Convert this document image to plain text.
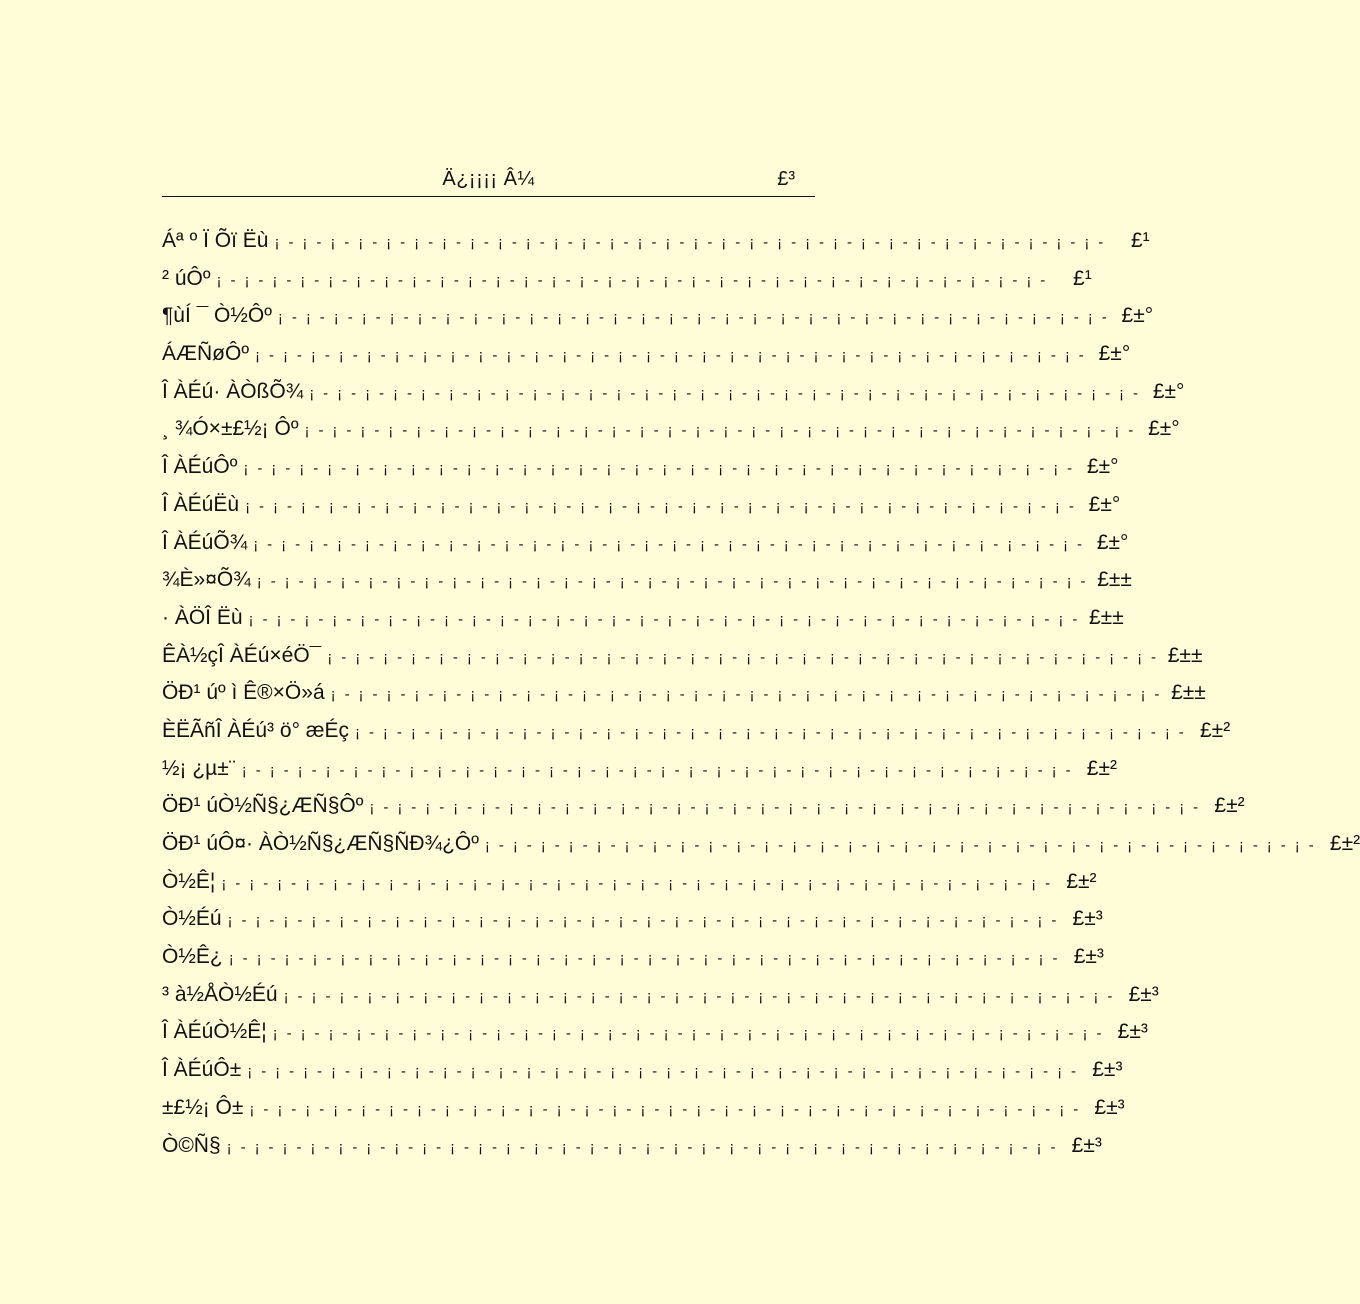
Ä¿¡¡¡¡ Â¼	£³
Áª º Ï Õï Ëù ¡ - ¡ - ¡ - ¡ - ¡ - ¡ - ¡ - ¡ - ¡ - ¡ - ¡ - ¡ - ¡ - ¡ - ¡ - ¡ - ¡ - ¡ - ¡ - ¡ - ¡ - ¡ - ¡ - ¡ - ¡ - ¡ - ¡ - ¡ - ¡ - ¡ -	£¹
² úÔº ¡ - ¡ - ¡ - ¡ - ¡ - ¡ - ¡ - ¡ - ¡ - ¡ - ¡ - ¡ - ¡ - ¡ - ¡ - ¡ - ¡ - ¡ - ¡ - ¡ - ¡ - ¡ - ¡ - ¡ - ¡ - ¡ - ¡ - ¡ - ¡ - ¡ -	£¹
¶ùÍ ¯ Ò½Ôº ¡ - ¡ - ¡ - ¡ - ¡ - ¡ - ¡ - ¡ - ¡ - ¡ - ¡ - ¡ - ¡ - ¡ - ¡ - ¡ - ¡ - ¡ - ¡ - ¡ - ¡ - ¡ - ¡ - ¡ - ¡ - ¡ - ¡ - ¡ - ¡ - ¡ - £±°
ÁÆÑøÔº ¡ - ¡ - ¡ - ¡ - ¡ - ¡ - ¡ - ¡ - ¡ - ¡ - ¡ - ¡ - ¡ - ¡ - ¡ - ¡ - ¡ - ¡ - ¡ - ¡ - ¡ - ¡ - ¡ - ¡ - ¡ - ¡ - ¡ - ¡ - ¡ - ¡ - £±°
Î ÀÉú· ÀÒßÕ¾ ¡ - ¡ - ¡ - ¡ - ¡ - ¡ - ¡ - ¡ - ¡ - ¡ - ¡ - ¡ - ¡ - ¡ - ¡ - ¡ - ¡ - ¡ - ¡ - ¡ - ¡ - ¡ - ¡ - ¡ - ¡ - ¡ - ¡ - ¡ - ¡ - ¡ - £±°
¸ ¾Ó×±£½¡ Ôº ¡ - ¡ - ¡ - ¡ - ¡ - ¡ - ¡ - ¡ - ¡ - ¡ - ¡ - ¡ - ¡ - ¡ - ¡ - ¡ - ¡ - ¡ - ¡ - ¡ - ¡ - ¡ - ¡ - ¡ - ¡ - ¡ - ¡ - ¡ - ¡ - ¡ - £±°
Î ÀÉúÔº ¡ - ¡ - ¡ - ¡ - ¡ - ¡ - ¡ - ¡ - ¡ - ¡ - ¡ - ¡ - ¡ - ¡ - ¡ - ¡ - ¡ - ¡ - ¡ - ¡ - ¡ - ¡ - ¡ - ¡ - ¡ - ¡ - ¡ - ¡ - ¡ - ¡ - £±°
Î ÀÉúËù ¡ - ¡ - ¡ - ¡ - ¡ - ¡ - ¡ - ¡ - ¡ - ¡ - ¡ - ¡ - ¡ - ¡ - ¡ - ¡ - ¡ - ¡ - ¡ - ¡ - ¡ - ¡ - ¡ - ¡ - ¡ - ¡ - ¡ - ¡ - ¡ - ¡ - £±°
Î ÀÉúÕ¾ ¡ - ¡ - ¡ - ¡ - ¡ - ¡ - ¡ - ¡ - ¡ - ¡ - ¡ - ¡ - ¡ - ¡ - ¡ - ¡ - ¡ - ¡ - ¡ - ¡ - ¡ - ¡ - ¡ - ¡ - ¡ - ¡ - ¡ - ¡ - ¡ - ¡ - £±°
¾È»¤Õ¾ ¡ - ¡ - ¡ - ¡ - ¡ - ¡ - ¡ - ¡ - ¡ - ¡ - ¡ - ¡ - ¡ - ¡ - ¡ - ¡ - ¡ - ¡ - ¡ - ¡ - ¡ - ¡ - ¡ - ¡ - ¡ - ¡ - ¡ - ¡ - ¡ - ¡ - £±±
· ÀÖÎ Ëù ¡ - ¡ - ¡ - ¡ - ¡ - ¡ - ¡ - ¡ - ¡ - ¡ - ¡ - ¡ - ¡ - ¡ - ¡ - ¡ - ¡ - ¡ - ¡ - ¡ - ¡ - ¡ - ¡ - ¡ - ¡ - ¡ - ¡ - ¡ - ¡ - ¡ - £±±
ÊÀ½çÎ ÀÉú×éÖ¯ ¡ - ¡ - ¡ - ¡ - ¡ - ¡ - ¡ - ¡ - ¡ - ¡ - ¡ - ¡ - ¡ - ¡ - ¡ - ¡ - ¡ - ¡ - ¡ - ¡ - ¡ - ¡ - ¡ - ¡ - ¡ - ¡ - ¡ - ¡ - ¡ - ¡ - £±±
ÖÐ¹ úº ì Ê®×Ö»á ¡ - ¡ - ¡ - ¡ - ¡ - ¡ - ¡ - ¡ - ¡ - ¡ - ¡ - ¡ - ¡ - ¡ - ¡ - ¡ - ¡ - ¡ - ¡ - ¡ - ¡ - ¡ - ¡ - ¡ - ¡ - ¡ - ¡ - ¡ - ¡ - ¡ - £±±
ÈËÃñÎ ÀÉú³ ö° æÉç ¡ - ¡ - ¡ - ¡ - ¡ - ¡ - ¡ - ¡ - ¡ - ¡ - ¡ - ¡ - ¡ - ¡ - ¡ - ¡ - ¡ - ¡ - ¡ - ¡ - ¡ - ¡ - ¡ - ¡ - ¡ - ¡ - ¡ - ¡ - ¡ - ¡ - £±²
½¡ ¿µ±¨ ¡ - ¡ - ¡ - ¡ - ¡ - ¡ - ¡ - ¡ - ¡ - ¡ - ¡ - ¡ - ¡ - ¡ - ¡ - ¡ - ¡ - ¡ - ¡ - ¡ - ¡ - ¡ - ¡ - ¡ - ¡ - ¡ - ¡ - ¡ - ¡ - ¡ - £±²
ÖÐ¹ úÒ½Ñ§¿ÆÑ§Ôº ¡ - ¡ - ¡ - ¡ - ¡ - ¡ - ¡ - ¡ - ¡ - ¡ - ¡ - ¡ - ¡ - ¡ - ¡ - ¡ - ¡ - ¡ - ¡ - ¡ - ¡ - ¡ - ¡ - ¡ - ¡ - ¡ - ¡ - ¡ - ¡ - ¡ - £±²
ÖÐ¹ úÔ¤· ÀÒ½Ñ§¿ÆÑ§ÑÐ¾¿Ôº ¡ - ¡ - ¡ - ¡ - ¡ - ¡ - ¡ - ¡ - ¡ - ¡ - ¡ - ¡ - ¡ - ¡ - ¡ - ¡ - ¡ - ¡ - ¡ - ¡ - ¡ - ¡ - ¡ - ¡ - ¡ - ¡ - ¡ - ¡ - ¡ - ¡ - £±²
Ò½Ê¦ ¡ - ¡ - ¡ - ¡ - ¡ - ¡ - ¡ - ¡ - ¡ - ¡ - ¡ - ¡ - ¡ - ¡ - ¡ - ¡ - ¡ - ¡ - ¡ - ¡ - ¡ - ¡ - ¡ - ¡ - ¡ - ¡ - ¡ - ¡ - ¡ - ¡ - £±²
Ò½Éú ¡ - ¡ - ¡ - ¡ - ¡ - ¡ - ¡ - ¡ - ¡ - ¡ - ¡ - ¡ - ¡ - ¡ - ¡ - ¡ - ¡ - ¡ - ¡ - ¡ - ¡ - ¡ - ¡ - ¡ - ¡ - ¡ - ¡ - ¡ - ¡ - ¡ - £±³
Ò½Ê¿ ¡ - ¡ - ¡ - ¡ - ¡ - ¡ - ¡ - ¡ - ¡ - ¡ - ¡ - ¡ - ¡ - ¡ - ¡ - ¡ - ¡ - ¡ - ¡ - ¡ - ¡ - ¡ - ¡ - ¡ - ¡ - ¡ - ¡ - ¡ - ¡ - ¡ - £±³
³ à½ÅÒ½Éú ¡ - ¡ - ¡ - ¡ - ¡ - ¡ - ¡ - ¡ - ¡ - ¡ - ¡ - ¡ - ¡ - ¡ - ¡ - ¡ - ¡ - ¡ - ¡ - ¡ - ¡ - ¡ - ¡ - ¡ - ¡ - ¡ - ¡ - ¡ - ¡ - ¡ - £±³
Î ÀÉúÒ½Ê¦ ¡ - ¡ - ¡ - ¡ - ¡ - ¡ - ¡ - ¡ - ¡ - ¡ - ¡ - ¡ - ¡ - ¡ - ¡ - ¡ - ¡ - ¡ - ¡ - ¡ - ¡ - ¡ - ¡ - ¡ - ¡ - ¡ - ¡ - ¡ - ¡ - ¡ - £±³
Î ÀÉúÔ± ¡ - ¡ - ¡ - ¡ - ¡ - ¡ - ¡ - ¡ - ¡ - ¡ - ¡ - ¡ - ¡ - ¡ - ¡ - ¡ - ¡ - ¡ - ¡ - ¡ - ¡ - ¡ - ¡ - ¡ - ¡ - ¡ - ¡ - ¡ - ¡ - ¡ - £±³
±£½¡ Ô± ¡ - ¡ - ¡ - ¡ - ¡ - ¡ - ¡ - ¡ - ¡ - ¡ - ¡ - ¡ - ¡ - ¡ - ¡ - ¡ - ¡ - ¡ - ¡ - ¡ - ¡ - ¡ - ¡ - ¡ - ¡ - ¡ - ¡ - ¡ - ¡ - ¡ - £±³
Ò©Ñ§ ¡ - ¡ - ¡ - ¡ - ¡ - ¡ - ¡ - ¡ - ¡ - ¡ - ¡ - ¡ - ¡ - ¡ - ¡ - ¡ - ¡ - ¡ - ¡ - ¡ - ¡ - ¡ - ¡ - ¡ - ¡ - ¡ - ¡ - ¡ - ¡ - ¡ - £±³
